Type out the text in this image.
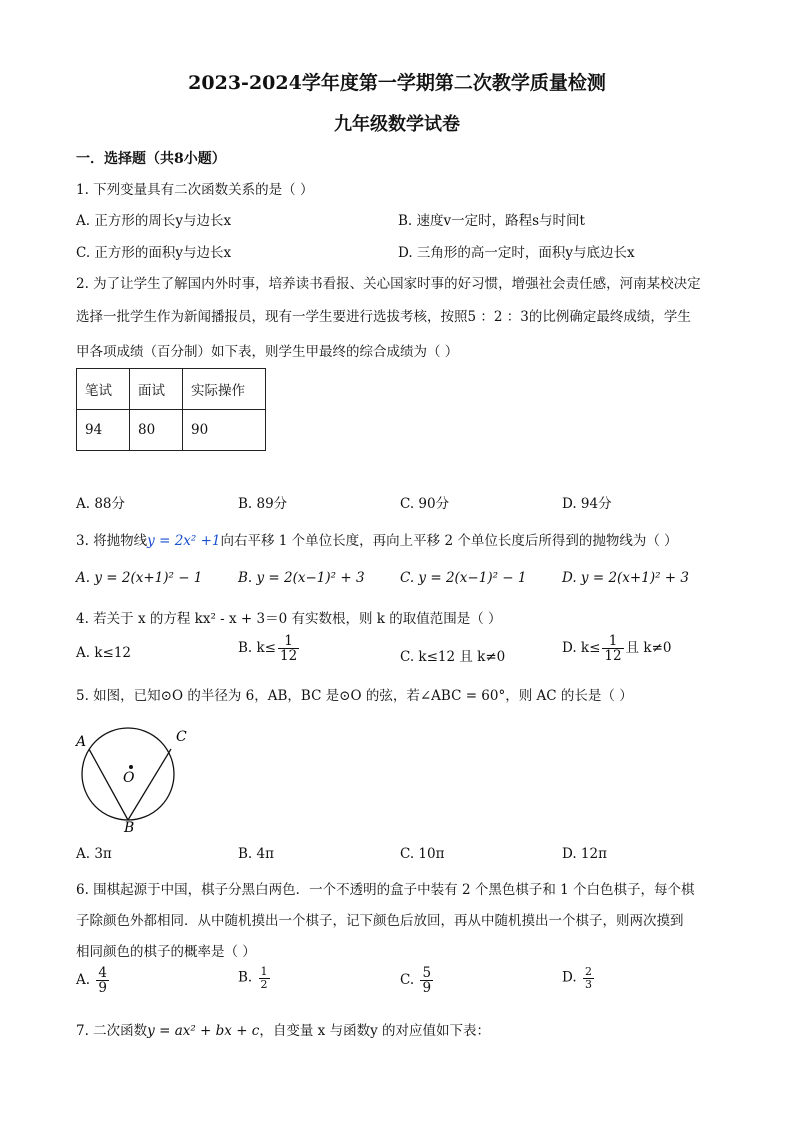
2023-2024学年度第一学期第二次教学质量检测
九年级数学试卷
一．选择题（共8小题）
1. 下列变量具有二次函数关系的是（ ）
A. 正方形的周长y与边长x	B. 速度v一定时，路程s与时间t
C. 正方形的面积y与边长x	D. 三角形的高一定时，面积y与底边长x
2. 为了让学生了解国内外时事，培养读书看报、关心国家时事的好习惯，增强社会责任感，河南某校决定
选择一批学生作为新闻播报员，现有一学生要进行选拔考核，按照5 ：2 ：3的比例确定最终成绩，学生
甲各项成绩（百分制）如下表，则学生甲最终的综合成绩为（ ）
笔试	面试	实际操作
94	80	90
A. 88分	B. 89分	C. 90分	D. 94分
3. 将抛物线y = 2x² +1向右平移 1 个单位长度，再向上平移 2 个单位长度后所得到的抛物线为（ ）
A. y = 2(x+1)² − 1	B. y = 2(x−1)² + 3	C. y = 2(x−1)² − 1	D. y = 2(x+1)² + 3
4. 若关于 x 的方程 kx² - x + 3＝0 有实数根，则 k 的取值范围是（ ）
A. k≤12	B. $k\le \frac{1}{12}$	C. k≤12 且 k≠0
D. $k\le \frac{1}{12}$ 且 k≠0
5. 如图，已知⊙O 的半径为 6，AB，BC 是⊙O 的弦，若∠ABC = 60°，则 AC 的长是（ ）
A	C
O
B
A. 3π	B. 4π	C. 10π	D. 12π
6. 围棋起源于中国，棋子分黑白两色．一个不透明的盒子中装有 2 个黑色棋子和 1 个白色棋子，每个棋
子除颜色外都相同．从中随机摸出一个棋子，记下颜色后放回，再从中随机摸出一个棋子，则两次摸到
相同颜色的棋子的概率是（ ）
A. $\frac{4}{9}$	B. $\frac{1}{2}$	C. $\frac{5}{9}$	D. $\frac{2}{3}$
7. 二次函数y = ax² + bx + c，自变量 x 与函数y 的对应值如下表：
